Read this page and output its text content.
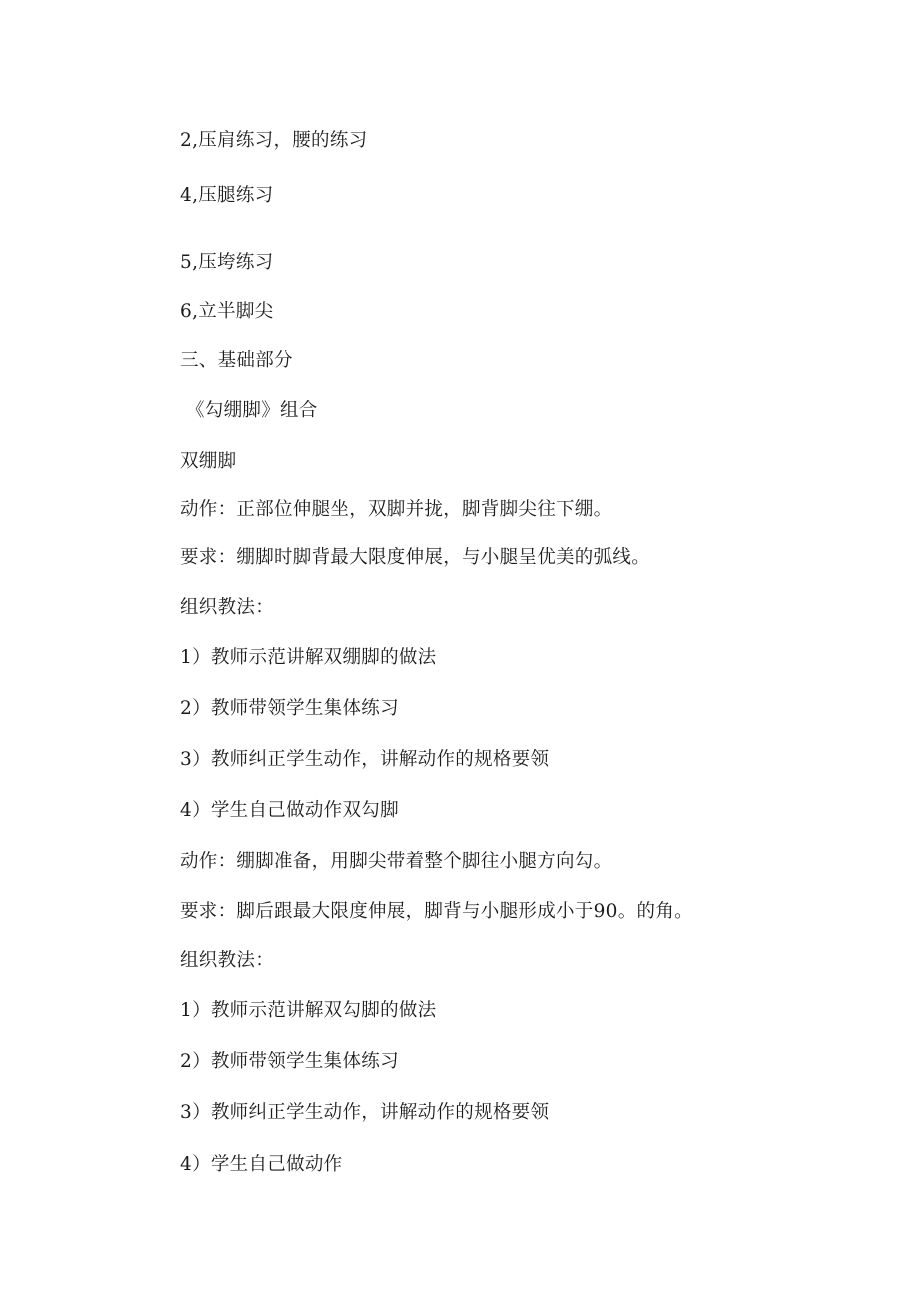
2,压肩练习，腰的练习
4,压腿练习
5,压垮练习
6,立半脚尖
三、基础部分
《勾绷脚》组合
双绷脚
动作：正部位伸腿坐，双脚并拢，脚背脚尖往下绷。
要求：绷脚时脚背最大限度伸展，与小腿呈优美的弧线。
组织教法：
1）教师示范讲解双绷脚的做法
2）教师带领学生集体练习
3）教师纠正学生动作，讲解动作的规格要领
4）学生自己做动作双勾脚
动作：绷脚准备，用脚尖带着整个脚往小腿方向勾。
要求：脚后跟最大限度伸展，脚背与小腿形成小于90。的角。
组织教法：
1）教师示范讲解双勾脚的做法
2）教师带领学生集体练习
3）教师纠正学生动作，讲解动作的规格要领
4）学生自己做动作
